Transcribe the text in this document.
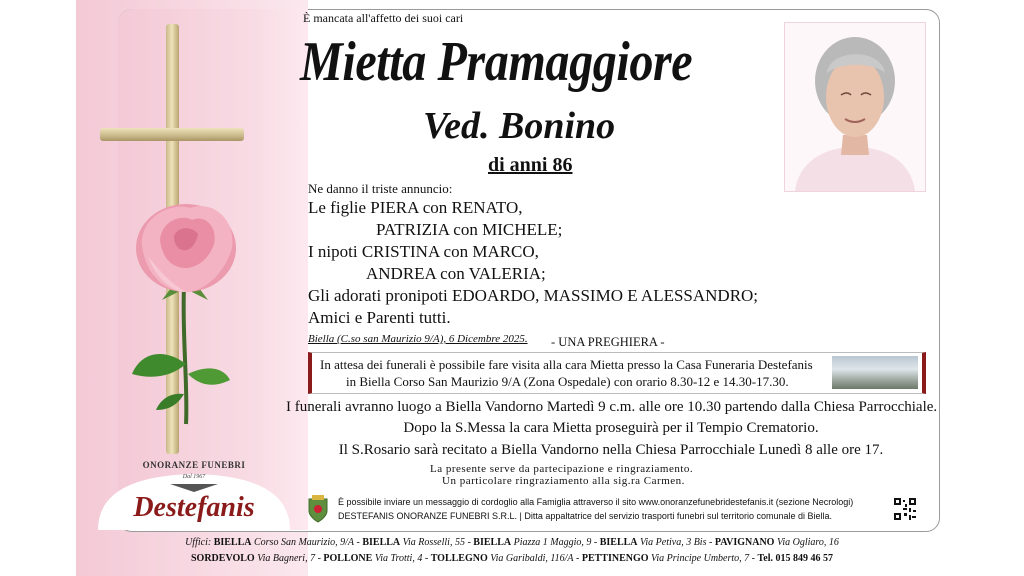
ONORANZE FUNEBRI
Dal 1967
Destefanis
È mancata all'affetto dei suoi cari
Mietta Pramaggiore
Ved. Bonino
di anni 86
Ne danno il triste annuncio:
Le figlie PIERA con RENATO,
PATRIZIA con MICHELE;
I nipoti CRISTINA con MARCO,
ANDREA con VALERIA;
Gli adorati pronipoti EDOARDO, MASSIMO E ALESSANDRO;
Amici e Parenti tutti.
Biella (C.so san Maurizio 9/A), 6 Dicembre 2025. - UNA PREGHIERA -
In attesa dei funerali è possibile fare visita alla cara Mietta presso la Casa Funeraria Destefanis
in Biella Corso San Maurizio 9/A (Zona Ospedale) con orario 8.30-12 e 14.30-17.30.
I funerali avranno luogo a Biella Vandorno Martedì 9 c.m. alle ore 10.30 partendo dalla Chiesa Parrocchiale.
Dopo la S.Messa la cara Mietta proseguirà per il Tempio Crematorio.
Il S.Rosario sarà recitato a Biella Vandorno nella Chiesa Parrocchiale Lunedì 8 alle ore 17.
La presente serve da partecipazione e ringraziamento.
Un particolare ringraziamento alla sig.ra Carmen.
È possibile inviare un messaggio di cordoglio alla Famiglia attraverso il sito www.onoranzefunebridestefanis.it (sezione Necrologi)
DESTEFANIS ONORANZE FUNEBRI S.R.L. | Ditta appaltatrice del servizio trasporti funebri sul territorio comunale di Biella.
Uffici: BIELLA Corso San Maurizio, 9/A - BIELLA Via Rosselli, 55 - BIELLA Piazza 1 Maggio, 9 - BIELLA Via Petiva, 3 Bis - PAVIGNANO Via Ogliaro, 16
SORDEVOLO Via Bagneri, 7 - POLLONE Via Trotti, 4 - TOLLEGNO Via Garibaldi, 116/A - PETTINENGO Via Principe Umberto, 7 - Tel. 015 849 46 57
